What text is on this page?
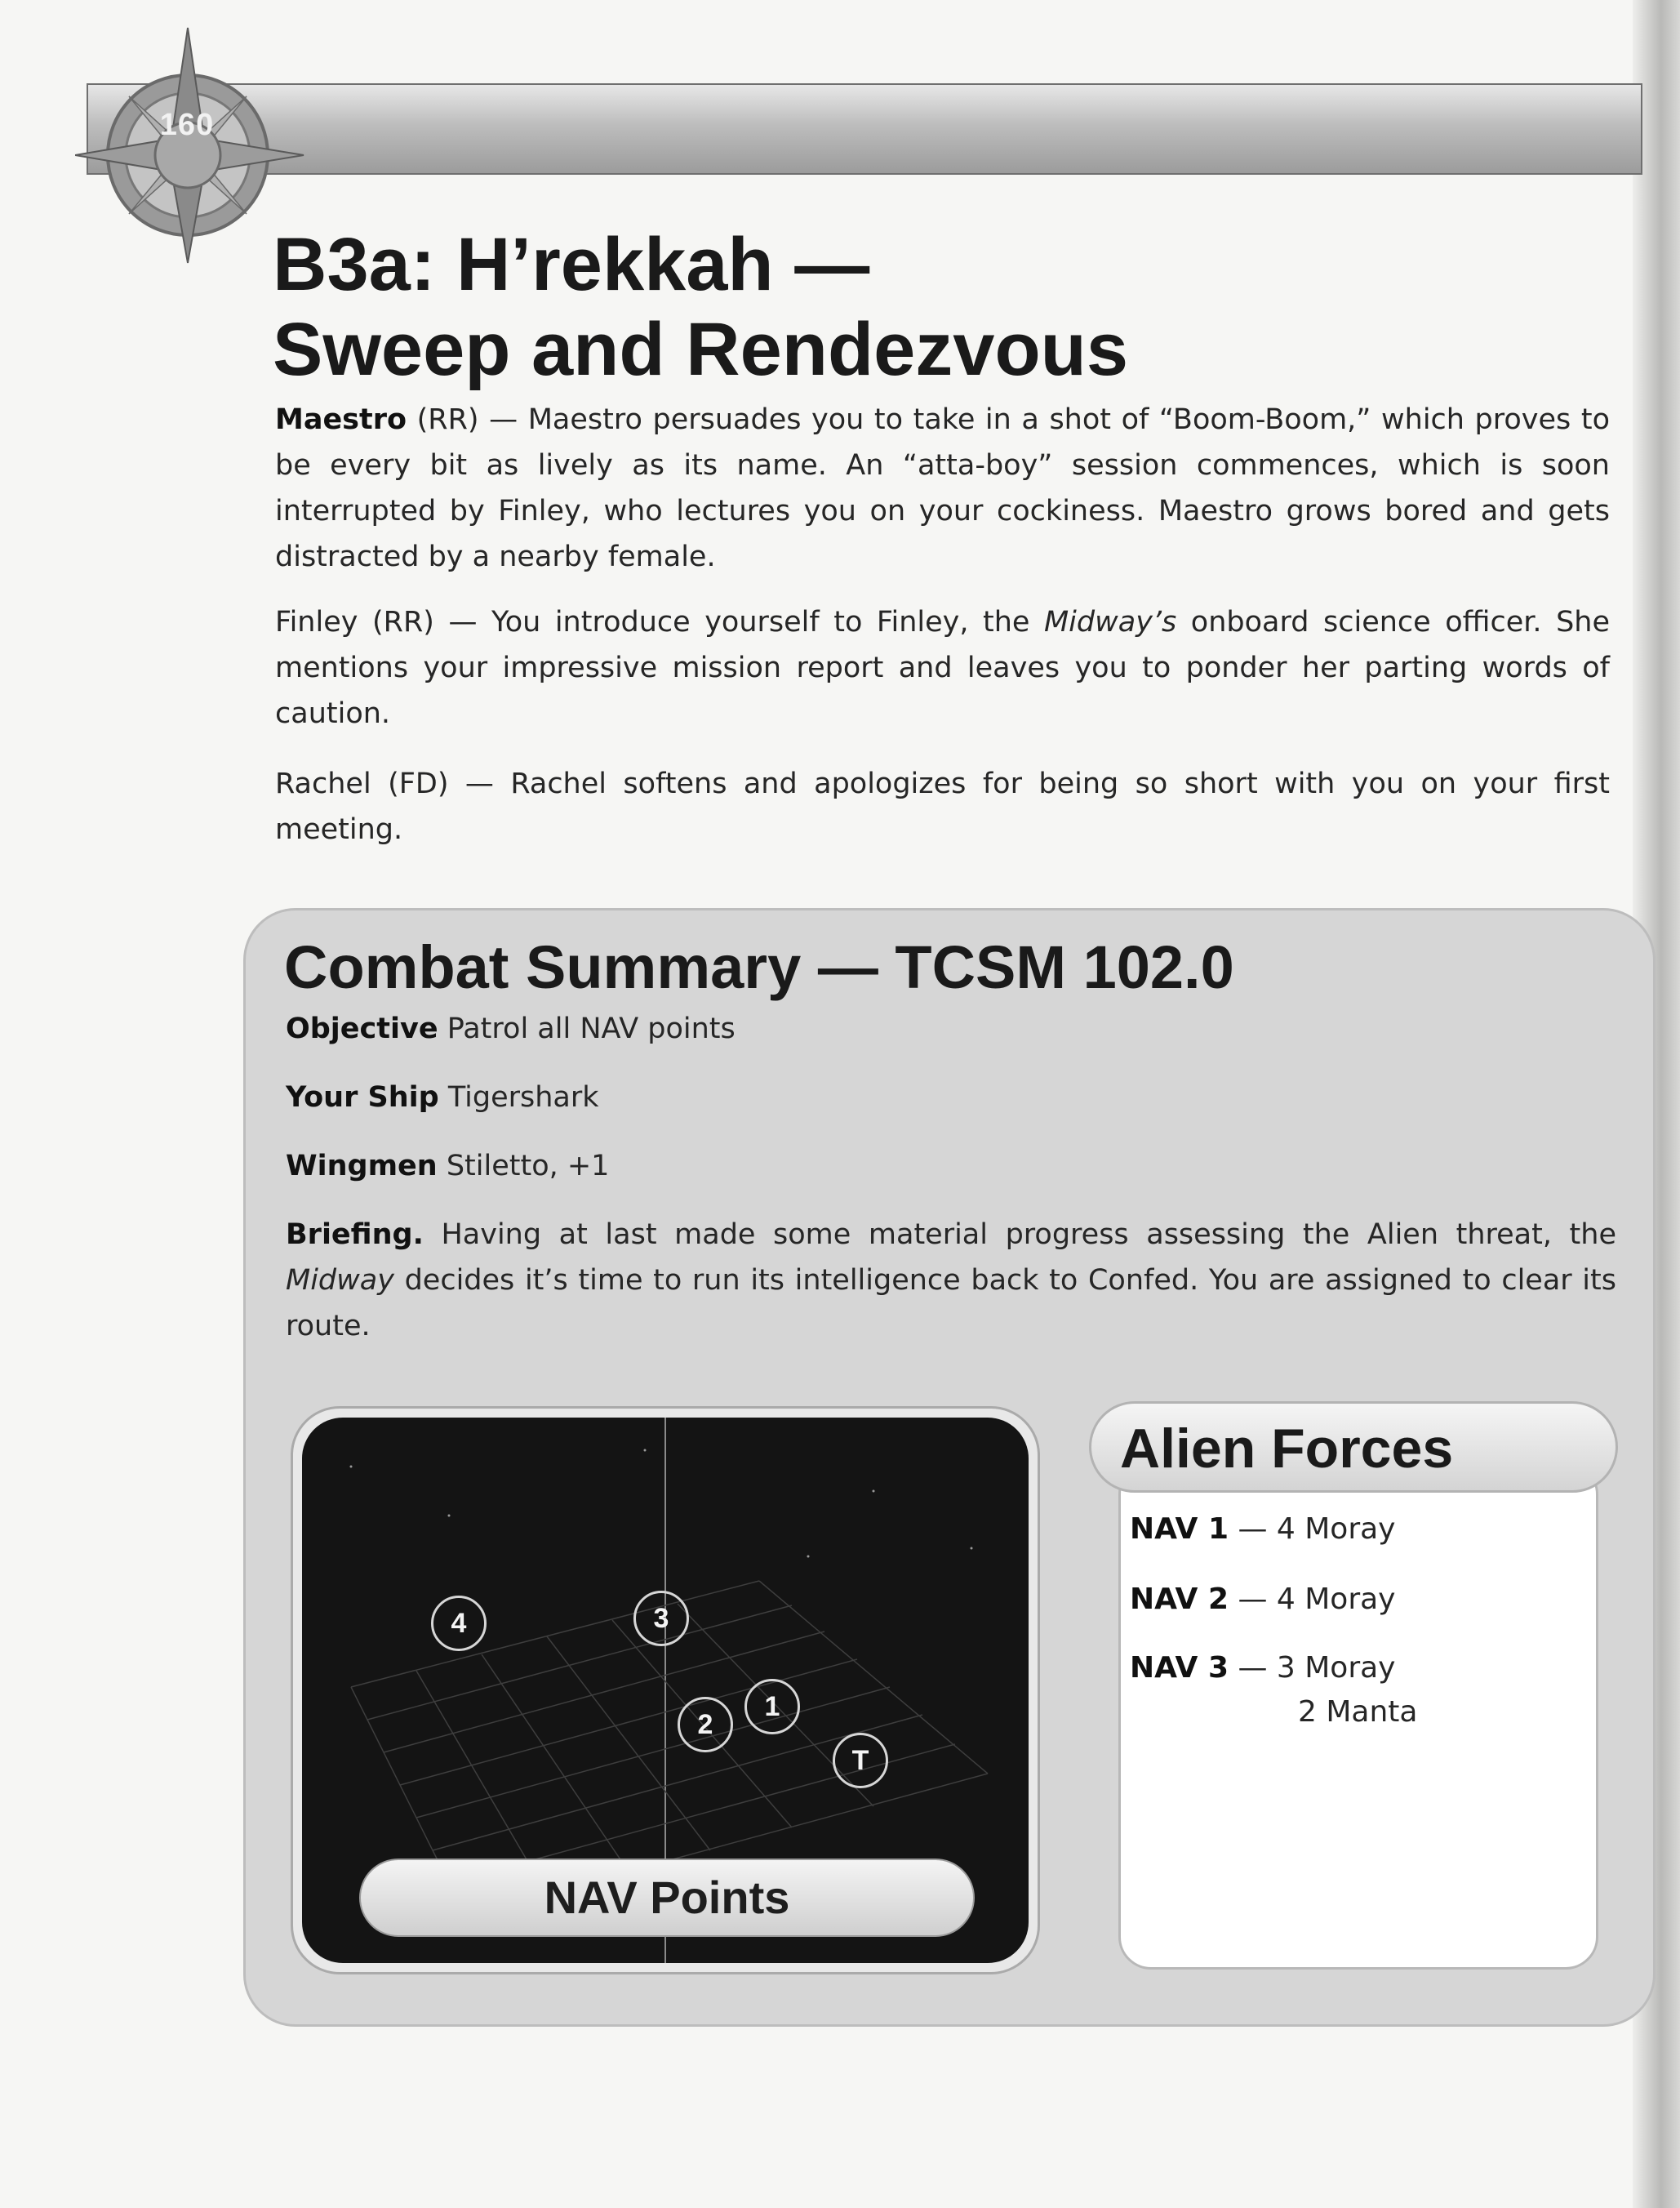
160
B3a: H’rekkah —
Sweep and Rendezvous

Maestro (RR) — Maestro persuades you to take in a shot of “Boom-Boom,” which proves to be every bit as lively as its name. An “atta-boy” session commences, which is soon interrupted by Finley, who lectures you on your cockiness. Maestro grows bored and gets distracted by a nearby female.

Finley (RR) — You introduce yourself to Finley, the Midway’s onboard science officer. She mentions your impressive mission report and leaves you to ponder her parting words of caution.

Rachel (FD) — Rachel softens and apologizes for being so short with you on your first meeting.

Combat Summary — TCSM 102.0

Objective Patrol all NAV points

Your Ship Tigershark

Wingmen Stiletto, +1

Briefing. Having at last made some material progress assessing the Alien threat, the Midway decides it’s time to run its intelligence back to Confed. You are assigned to clear its route.

4	3
2
1
T
NAV Points
Alien Forces
NAV 1 — 4 Moray
NAV 2 — 4 Moray
NAV 3 — 3 Moray
2 Manta
